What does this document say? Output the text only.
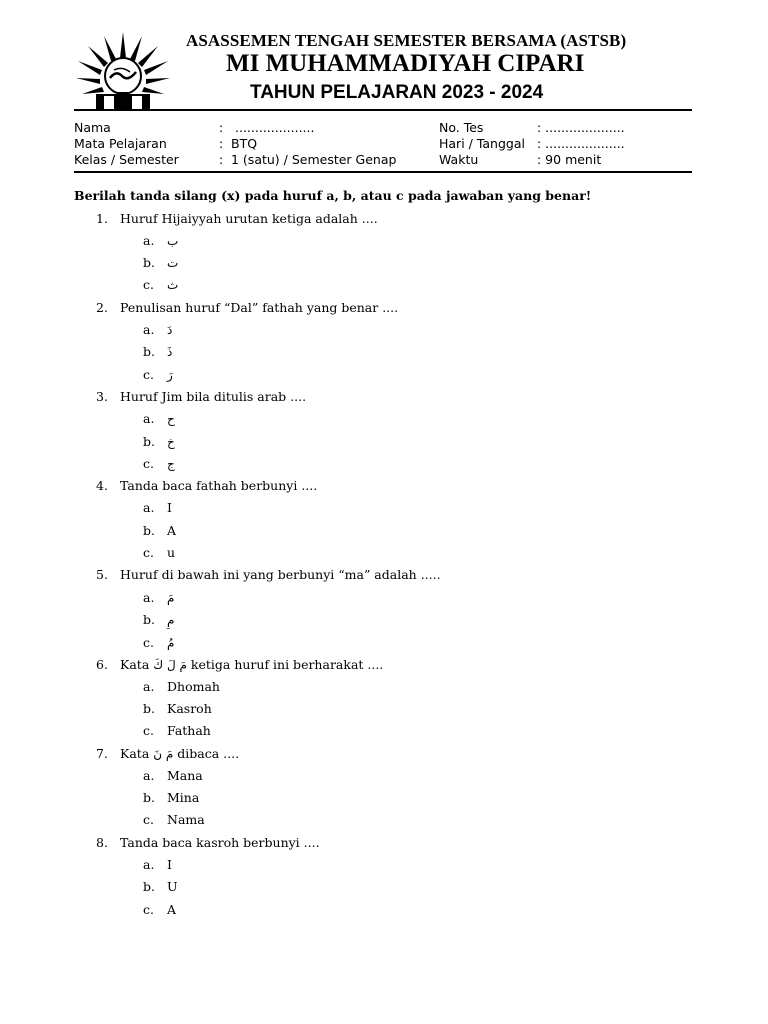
ASASSEMEN TENGAH SEMESTER BERSAMA (ASTSB)
MI MUHAMMADIYAH CIPARI
TAHUN PELAJARAN 2023 - 2024
Nama	: ....................
Mata Pelajaran	: BTQ
Kelas / Semester	: 1 (satu) / Semester Genap
No. Tes	: ....................
Hari / Tanggal : ....................
Waktu	: 90 menit
Berilah tanda silang (x) pada huruf a, b, atau c pada jawaban yang benar!
1. Huruf Hijaiyyah urutan ketiga adalah ....
a. ب
b. ت
c. ث
2. Penulisan huruf “Dal” fathah yang benar ....
a. دَ
b. ذَ
c. رَ
3. Huruf Jim bila ditulis arab ....
a. ح
b. خ
c. ج
4. Tanda baca fathah berbunyi ....
a. I
b. A
c. u
5. Huruf di bawah ini yang berbunyi “ma” adalah .....
a. مَ
b. مِ
c. مُ
6. Kata مَ لَ كَ ketiga huruf ini berharakat ....
a. Dhomah
b. Kasroh
c. Fathah
7. Kata مَ نَ dibaca ....
a. Mana
b. Mina
c. Nama
8. Tanda baca kasroh berbunyi ....
a. I
b. U
c. A
